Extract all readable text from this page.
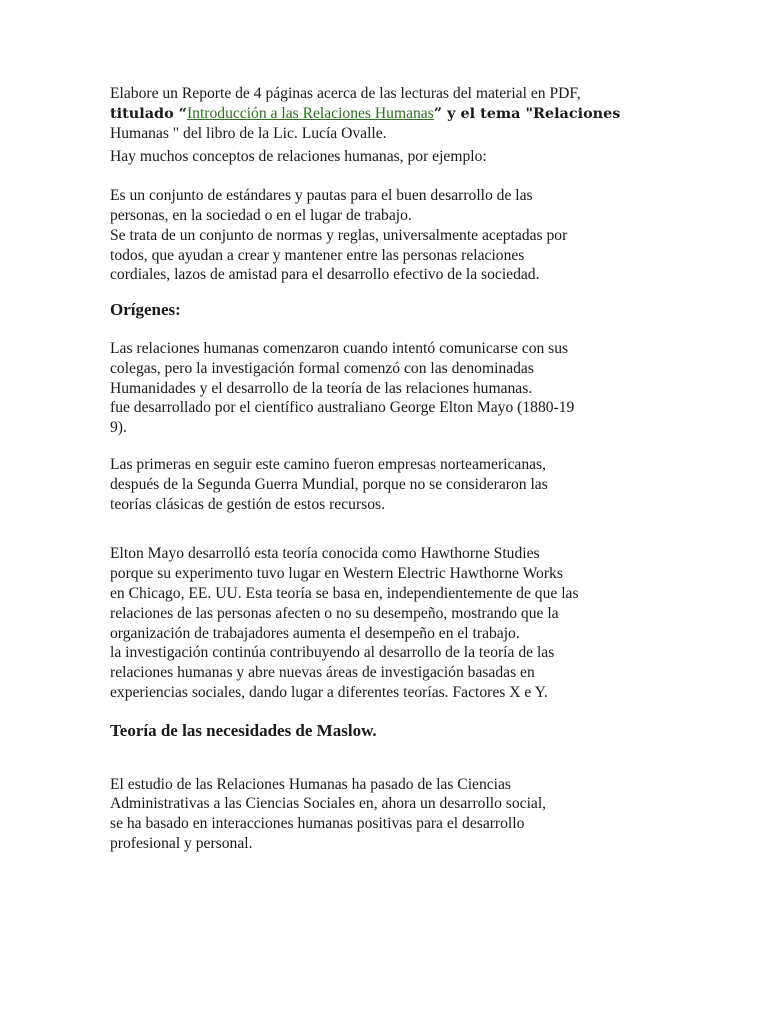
Elabore un Reporte de 4 páginas acerca de las lecturas del material en PDF,
titulado “Introducción a las Relaciones Humanas” y el tema "Relaciones
Humanas " del libro de la Lic. Lucía Ovalle.
Hay muchos conceptos de relaciones humanas, por ejemplo:
Es un conjunto de estándares y pautas para el buen desarrollo de las
personas, en la sociedad o en el lugar de trabajo.
Se trata de un conjunto de normas y reglas, universalmente aceptadas por
todos, que ayudan a crear y mantener entre las personas relaciones
cordiales, lazos de amistad para el desarrollo efectivo de la sociedad.
Orígenes:
Las relaciones humanas comenzaron cuando intentó comunicarse con sus
colegas, pero la investigación formal comenzó con las denominadas
Humanidades y el desarrollo de la teoría de las relaciones humanas.
fue desarrollado por el científico australiano George Elton Mayo (1880-19
9).
Las primeras en seguir este camino fueron empresas norteamericanas,
después de la Segunda Guerra Mundial, porque no se consideraron las
teorías clásicas de gestión de estos recursos.
Elton Mayo desarrolló esta teoría conocida como Hawthorne Studies
porque su experimento tuvo lugar en Western Electric Hawthorne Works
en Chicago, EE. UU. Esta teoría se basa en, independientemente de que las
relaciones de las personas afecten o no su desempeño, mostrando que la
organización de trabajadores aumenta el desempeño en el trabajo.
la investigación continúa contribuyendo al desarrollo de la teoría de las
relaciones humanas y abre nuevas áreas de investigación basadas en
experiencias sociales, dando lugar a diferentes teorías. Factores X e Y.
Teoría de las necesidades de Maslow.
El estudio de las Relaciones Humanas ha pasado de las Ciencias
Administrativas a las Ciencias Sociales en, ahora un desarrollo social,
se ha basado en interacciones humanas positivas para el desarrollo
profesional y personal.
